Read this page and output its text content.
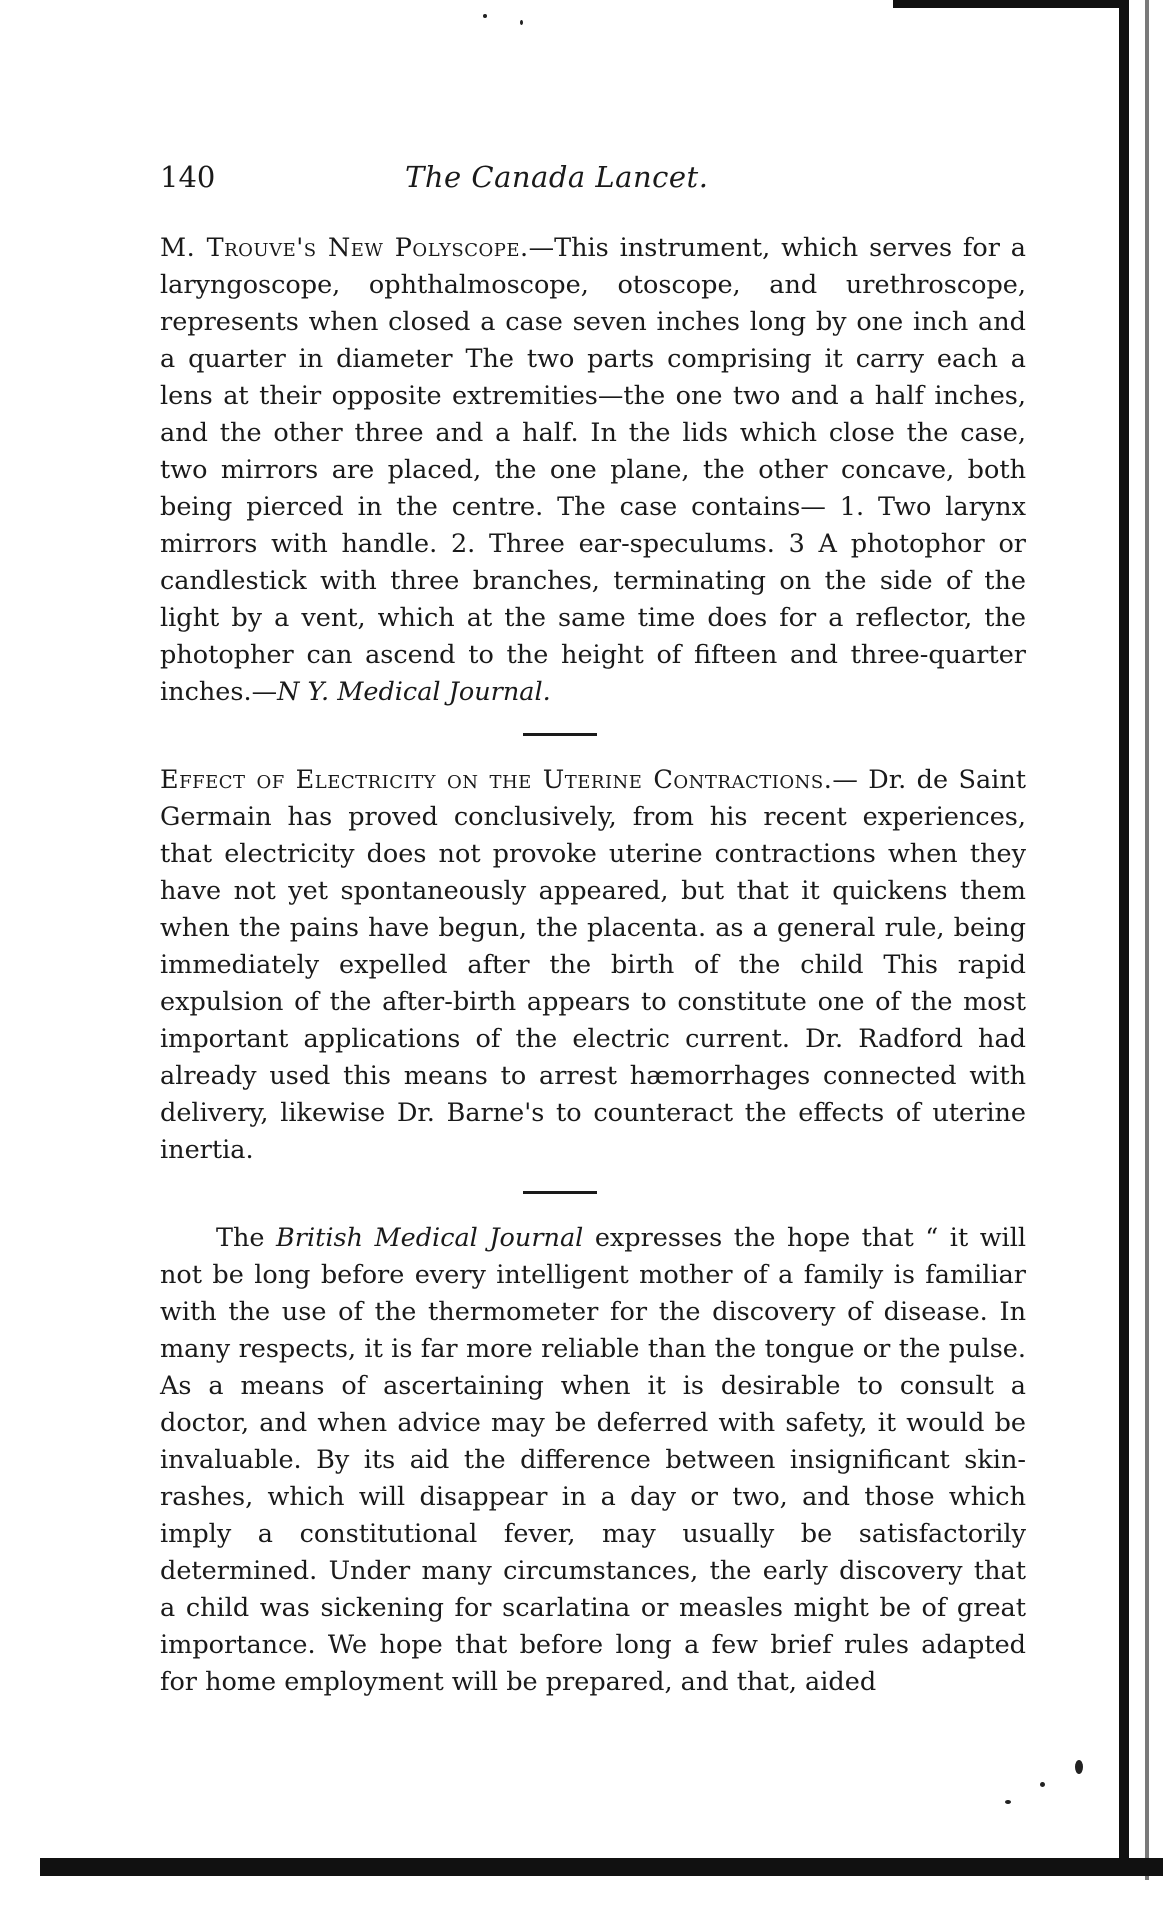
140	The Canada Lancet.

M. Trouve's New Polyscope.—This instrument, which serves for a laryngoscope, ophthalmoscope, otoscope, and urethroscope, represents when closed a case seven inches long by one inch and a quarter in diameter The two parts comprising it carry each a lens at their opposite extremities—the one two and a half inches, and the other three and a half. In the lids which close the case, two mirrors are placed, the one plane, the other concave, both being pierced in the centre. The case contains— 1. Two larynx mirrors with handle. 2. Three ear-speculums. 3 A photophor or candlestick with three branches, terminating on the side of the light by a vent, which at the same time does for a reflector, the photopher can ascend to the height of fifteen and three-quarter inches.—N Y. Medical Journal.

Effect of Electricity on the Uterine Contractions.— Dr. de Saint Germain has proved conclusively, from his recent experiences, that electricity does not provoke uterine contractions when they have not yet spontaneously appeared, but that it quickens them when the pains have begun, the placenta. as a general rule, being immediately expelled after the birth of the child This rapid expulsion of the after-birth appears to constitute one of the most important applications of the electric current. Dr. Radford had already used this means to arrest hæmorrhages connected with delivery, likewise Dr. Barne's to counteract the effects of uterine inertia.

The British Medical Journal expresses the hope that “ it will not be long before every intelligent mother of a family is familiar with the use of the thermometer for the discovery of disease. In many respects, it is far more reliable than the tongue or the pulse. As a means of ascertaining when it is desirable to consult a doctor, and when advice may be deferred with safety, it would be invaluable. By its aid the difference between insignificant skin-rashes, which will disappear in a day or two, and those which imply a constitutional fever, may usually be satisfactorily determined. Under many circumstances, the early discovery that a child was sickening for scarlatina or measles might be of great importance. We hope that before long a few brief rules adapted for home employment will be prepared, and that, aided
